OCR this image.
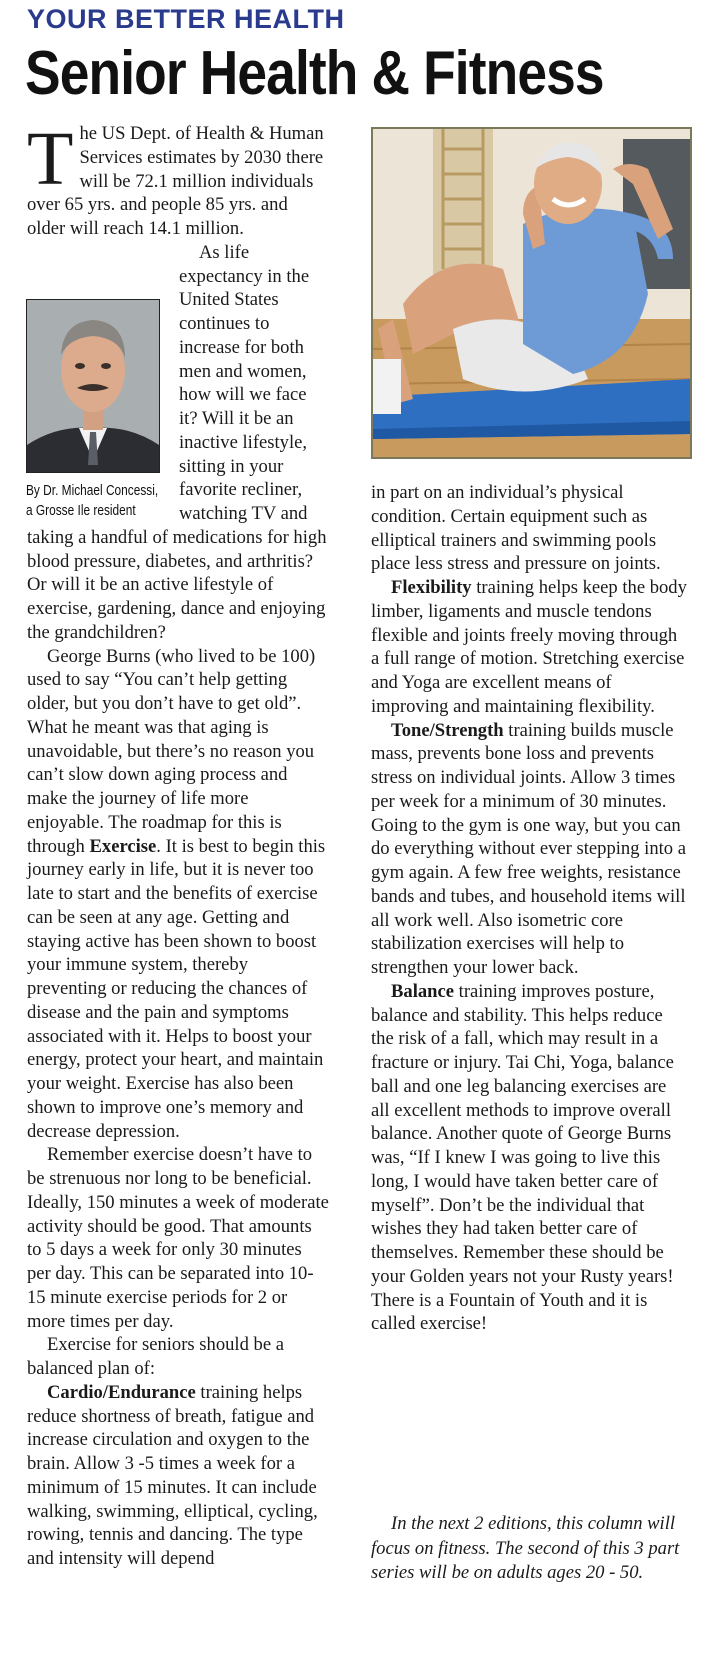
YOUR BETTER HEALTH
Senior Health & Fitness
By Dr. Michael Concessi,
a Grosse Ile resident

The US Dept. of Health & Human Services estimates by 2030 there will be 72.1 million individuals over 65 yrs. and people 85 yrs. and older will reach 14.1 million.

As life expectancy in the United States continues to increase for both men and women, how will we face it? Will it be an inactive lifestyle, sitting in your favorite recliner, watching TV and taking a handful of medications for high blood pressure, diabetes, and arthritis? Or will it be an active lifestyle of exercise, gardening, dance and enjoying the grandchildren?

George Burns (who lived to be 100) used to say “You can’t help getting older, but you don’t have to get old”. What he meant was that aging is unavoidable, but there’s no reason you can’t slow down aging process and make the journey of life more enjoyable. The roadmap for this is through Exercise. It is best to begin this journey early in life, but it is never too late to start and the benefits of exercise can be seen at any age. Getting and staying active has been shown to boost your immune system, thereby preventing or reducing the chances of disease and the pain and symptoms associated with it. Helps to boost your energy, protect your heart, and maintain your weight. Exercise has also been shown to improve one’s memory and decrease depression.

Remember exercise doesn’t have to be strenuous nor long to be beneficial. Ideally, 150 minutes a week of moderate activity should be good. That amounts to 5 days a week for only 30 minutes per day. This can be separated into 10-15 minute exercise periods for 2 or more times per day.

Exercise for seniors should be a balanced plan of:

Cardio/Endurance training helps reduce shortness of breath, fatigue and increase circulation and oxygen to the brain. Allow 3 -5 times a week for a minimum of 15 minutes. It can include walking, swimming, elliptical, cycling, rowing, tennis and dancing. The type and intensity will depend

in part on an individual’s physical condition. Certain equipment such as elliptical trainers and swimming pools place less stress and pressure on joints.

Flexibility training helps keep the body limber, ligaments and muscle tendons flexible and joints freely moving through a full range of motion. Stretching exercise and Yoga are excellent means of improving and maintaining flexibility.

Tone/Strength training builds muscle mass, prevents bone loss and prevents stress on individual joints. Allow 3 times per week for a minimum of 30 minutes. Going to the gym is one way, but you can do everything without ever stepping into a gym again. A few free weights, resistance bands and tubes, and household items will all work well. Also isometric core stabilization exercises will help to strengthen your lower back.

Balance training improves posture, balance and stability. This helps reduce the risk of a fall, which may result in a fracture or injury. Tai Chi, Yoga, balance ball and one leg balancing exercises are all excellent methods to improve overall balance. Another quote of George Burns was, “If I knew I was going to live this long, I would have taken better care of myself”. Don’t be the individual that wishes they had taken better care of themselves. Remember these should be your Golden years not your Rusty years! There is a Fountain of Youth and it is called exercise!

In the next 2 editions, this column will focus on fitness. The second of this 3 part series will be on adults ages 20 - 50.
